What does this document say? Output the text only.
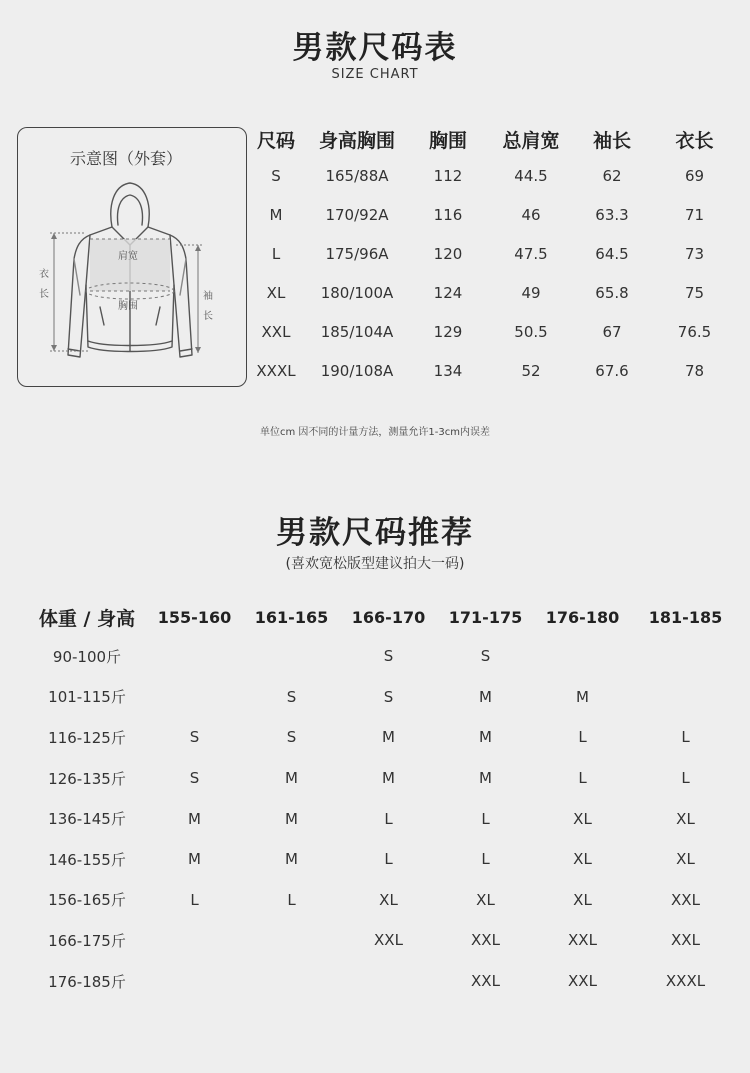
男款尺码表
SIZE CHART
示意图（外套）
肩宽
胸围
衣
长	袖
长
尺码	身高胸围	胸围	总肩宽	袖长	衣长
S	165/88A	112	44.5	62	69
M	170/92A	116	46	63.3	71
L	175/96A	120	47.5	64.5	73
XL	180/100A	124	49	65.8	75
XXL	185/104A	129	50.5	67	76.5
XXXL	190/108A	134	52	67.6	78
单位cm 因不同的计量方法，测量允许1-3cm内误差
男款尺码推荐
(喜欢宽松版型建议拍大一码)
体重 / 身高	155-160	161-165	166-170	171-175	176-180	181-185
90-100斤			S	S		
101-115斤		S	S	M	M	
116-125斤	S	S	M	M	L	L
126-135斤	S	M	M	M	L	L
136-145斤	M	M	L	L	XL	XL
146-155斤	M	M	L	L	XL	XL
156-165斤	L	L	XL	XL	XL	XXL
166-175斤			XXL	XXL	XXL	XXL
176-185斤				XXL	XXL	XXXL
